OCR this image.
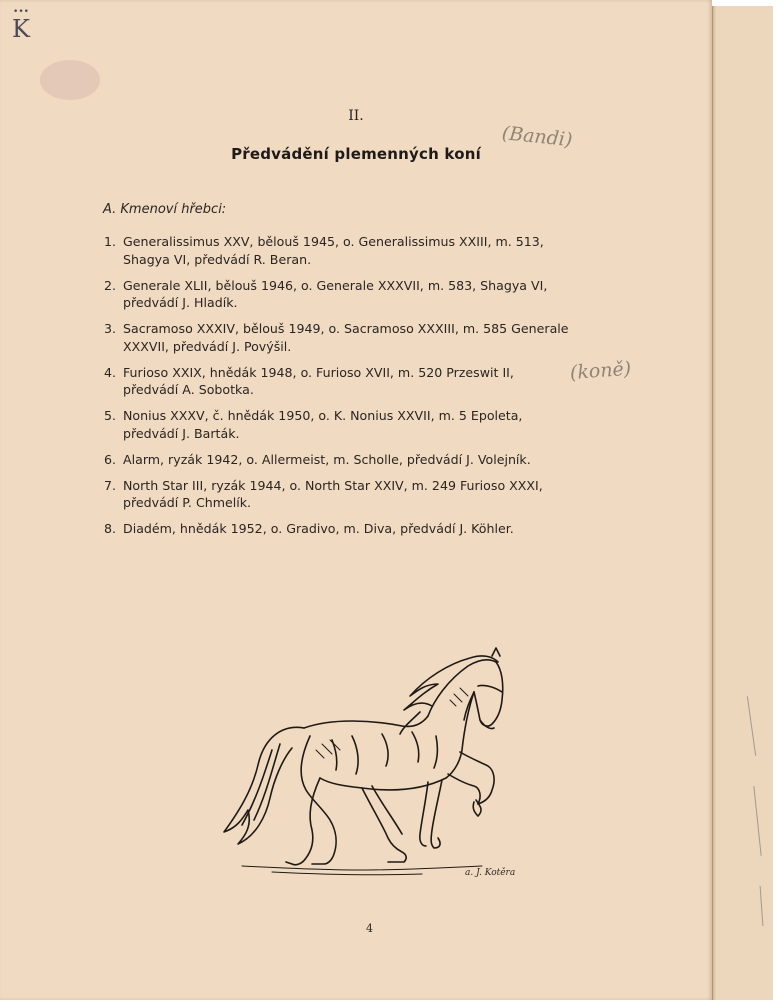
•••
K
II.
Předvádění plemenných koní
(Bandi)
A. Kmenoví hřebci:
1. Generalissimus XXV, bělouš 1945, o. Generalissimus XXIII, m. 513,
Shagya VI, předvádí R. Beran.
2. Generale XLII, bělouš 1946, o. Generale XXXVII, m. 583, Shagya VI,
předvádí J. Hladík.
3. Sacramoso XXXIV, bělouš 1949, o. Sacramoso XXXIII, m. 585 Generale
XXXVII, předvádí J. Povýšil.
4. Furioso XXIX, hnědák 1948, o. Furioso XVII, m. 520 Przeswit II,
předvádí A. Sobotka.
5. Nonius XXXV, č. hnědák 1950, o. K. Nonius XXVII, m. 5 Epoleta,
předvádí J. Barták.
6. Alarm, ryzák 1942, o. Allermeist, m. Scholle, předvádí J. Volejník.
7. North Star III, ryzák 1944, o. North Star XXIV, m. 249 Furioso XXXI,
předvádí P. Chmelík.
8. Diadém, hnědák 1952, o. Gradivo, m. Diva, předvádí J. Köhler.
(koně)
a. J. Kotěra
4
